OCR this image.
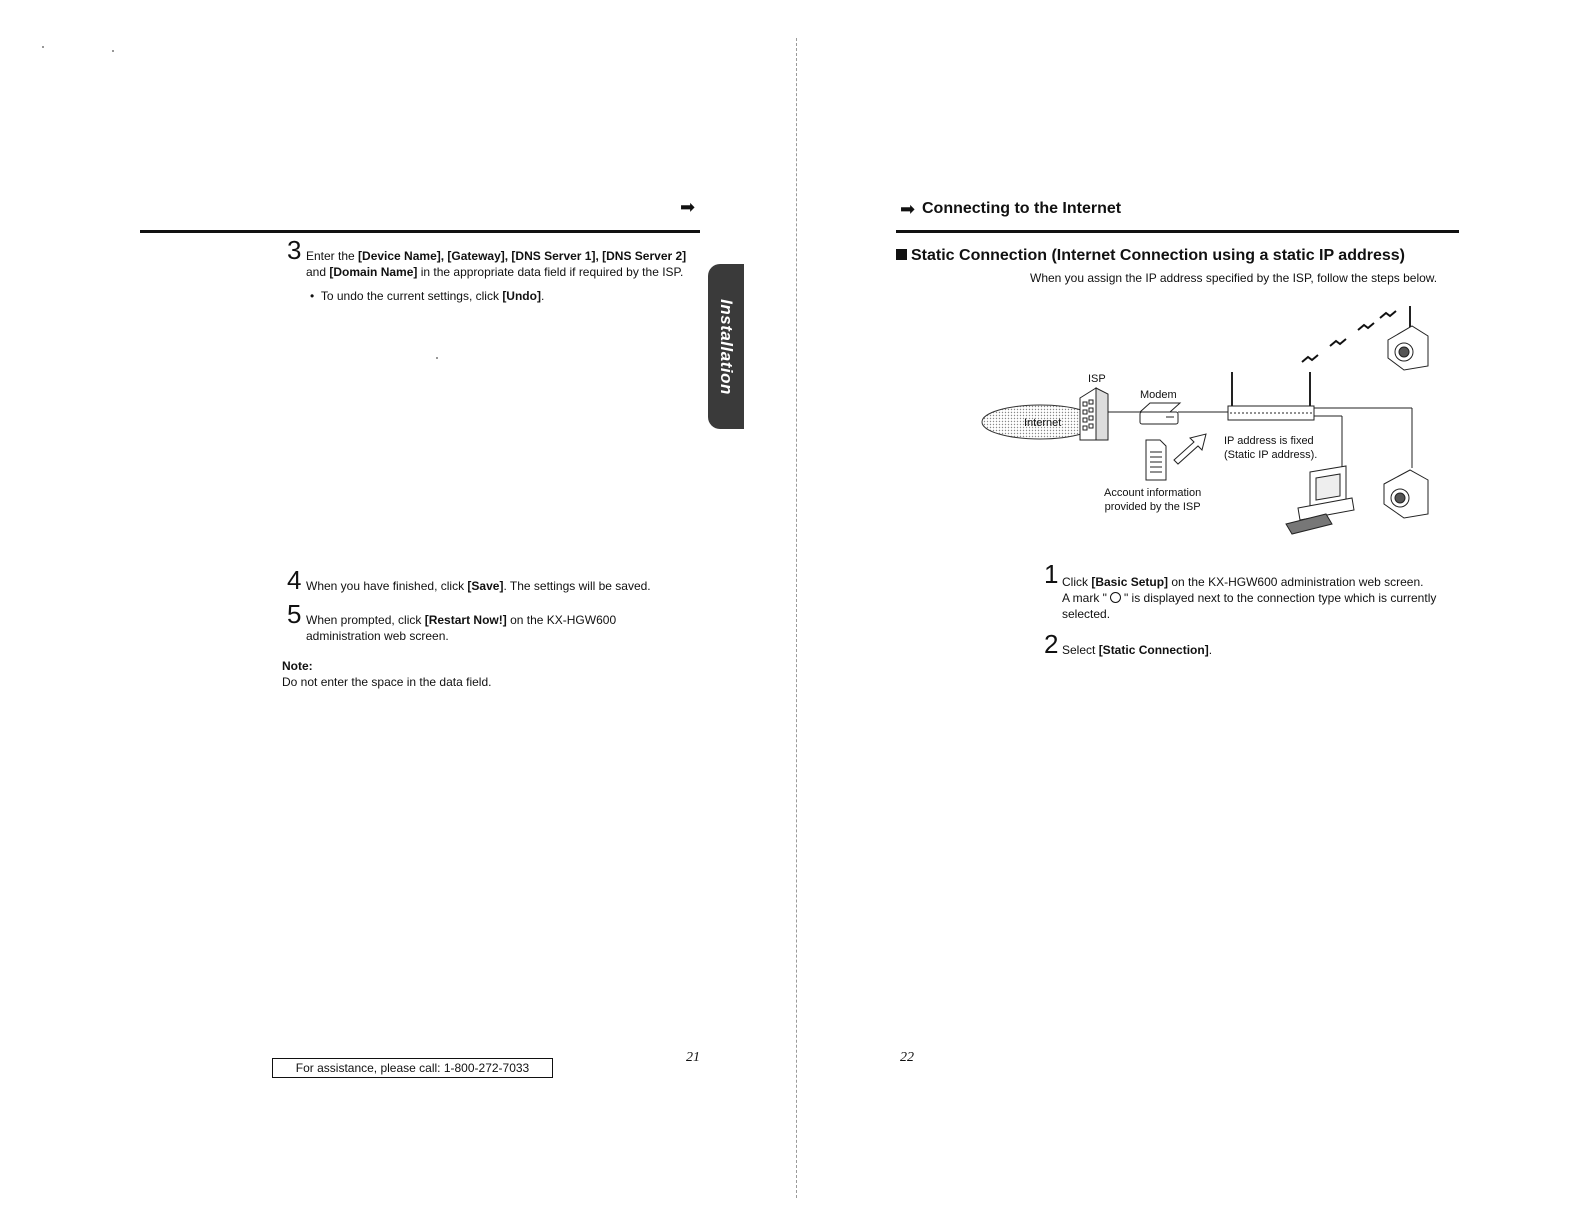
➡
3 Enter the [Device Name], [Gateway], [DNS Server 1], [DNS Server 2]
and [Domain Name] in the appropriate data field if required by the ISP.
•  To undo the current settings, click [Undo].
Installation
4 When you have finished, click [Save]. The settings will be saved.
5 When prompted, click [Restart Now!] on the KX-HGW600
administration web screen.
Note:
Do not enter the space in the data field.
For assistance, please call: 1-800-272-7033
21
➡ Connecting to the Internet
Static Connection (Internet Connection using a static IP address)
When you assign the IP address specified by the ISP, follow the steps below.
ISP
Internet
Modem
IP address is fixed
(Static IP address).
Account information
provided by the ISP
1 Click [Basic Setup] on the KX-HGW600 administration web screen.
A mark " ○ " is displayed next to the connection type which is currently
selected.
2 Select [Static Connection].
22
